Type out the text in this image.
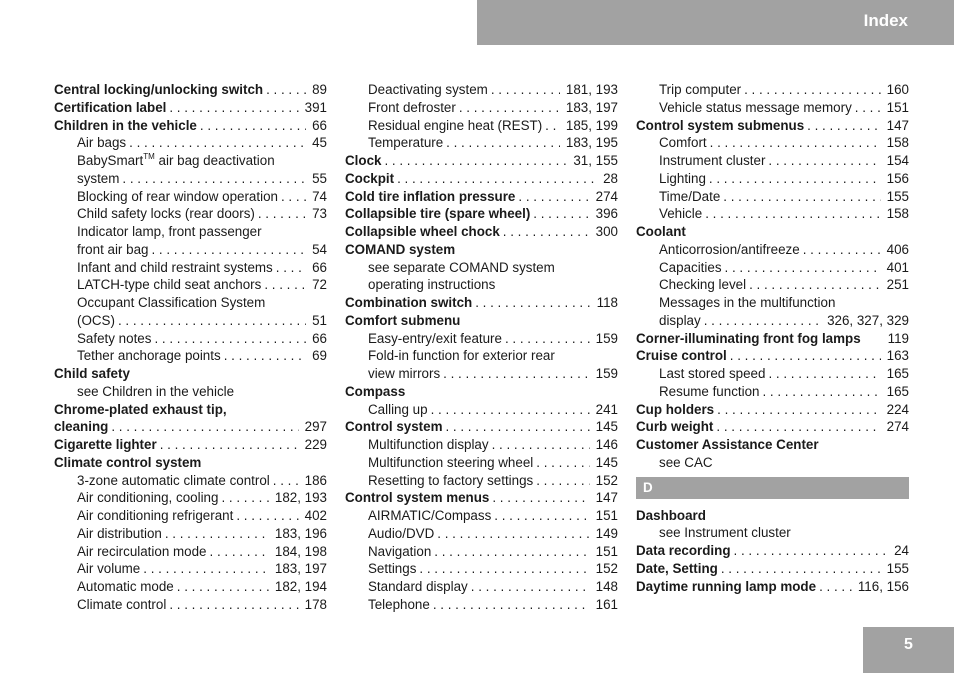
Index
Central locking/unlocking switch . . .	89
Certification label . . .	391
Children in the vehicle . . .	66
Air bags . . .	45
BabySmart™ air bag deactivation
system . . .	55
Blocking of rear window operation . . .	74
Child safety locks (rear doors) . . .	73
Indicator lamp, front passenger
front air bag . . .	54
Infant and child restraint systems . . .	66
LATCH-type child seat anchors . . .	72
Occupant Classification System
(OCS) . . .	51
Safety notes . . .	66
Tether anchorage points . . .	69
Child safety
see Children in the vehicle
Chrome-plated exhaust tip,
cleaning . . .	297
Cigarette lighter . . .	229
Climate control system
3-zone automatic climate control . . .	186
Air conditioning, cooling . . .	182, 193
Air conditioning refrigerant . . .	402
Air distribution . . .	183, 196
Air recirculation mode . . .	184, 198
Air volume . . .	183, 197
Automatic mode . . .	182, 194
Climate control . . .	178
Deactivating system . . .	181, 193
Front defroster . . .	183, 197
Residual engine heat (REST) . . .	185, 199
Temperature . . .	183, 195
Clock . . .	31, 155
Cockpit . . .	28
Cold tire inflation pressure . . .	274
Collapsible tire (spare wheel) . . .	396
Collapsible wheel chock . . .	300
COMAND system
see separate COMAND system
operating instructions
Combination switch . . .	118
Comfort submenu
Easy-entry/exit feature . . .	159
Fold-in function for exterior rear
view mirrors . . .	159
Compass
Calling up . . .	241
Control system . . .	145
Multifunction display . . .	146
Multifunction steering wheel . . .	145
Resetting to factory settings . . .	152
Control system menus . . .	147
AIRMATIC/Compass . . .	151
Audio/DVD . . .	149
Navigation . . .	151
Settings . . .	152
Standard display . . .	148
Telephone . . .	161
Trip computer . . .	160
Vehicle status message memory . . .	151
Control system submenus . . .	147
Comfort . . .	158
Instrument cluster . . .	154
Lighting . . .	156
Time/Date . . .	155
Vehicle . . .	158
Coolant
Anticorrosion/antifreeze . . .	406
Capacities . . .	401
Checking level . . .	251
Messages in the multifunction
display . . .	326, 327, 329
Corner-illuminating front fog lamps	119
Cruise control . . .	163
Last stored speed . . .	165
Resume function . . .	165
Cup holders . . .	224
Curb weight . . .	274
Customer Assistance Center
see CAC
D
Dashboard
see Instrument cluster
Data recording . . .	24
Date, Setting . . .	155
Daytime running lamp mode . . .	116, 156
5
